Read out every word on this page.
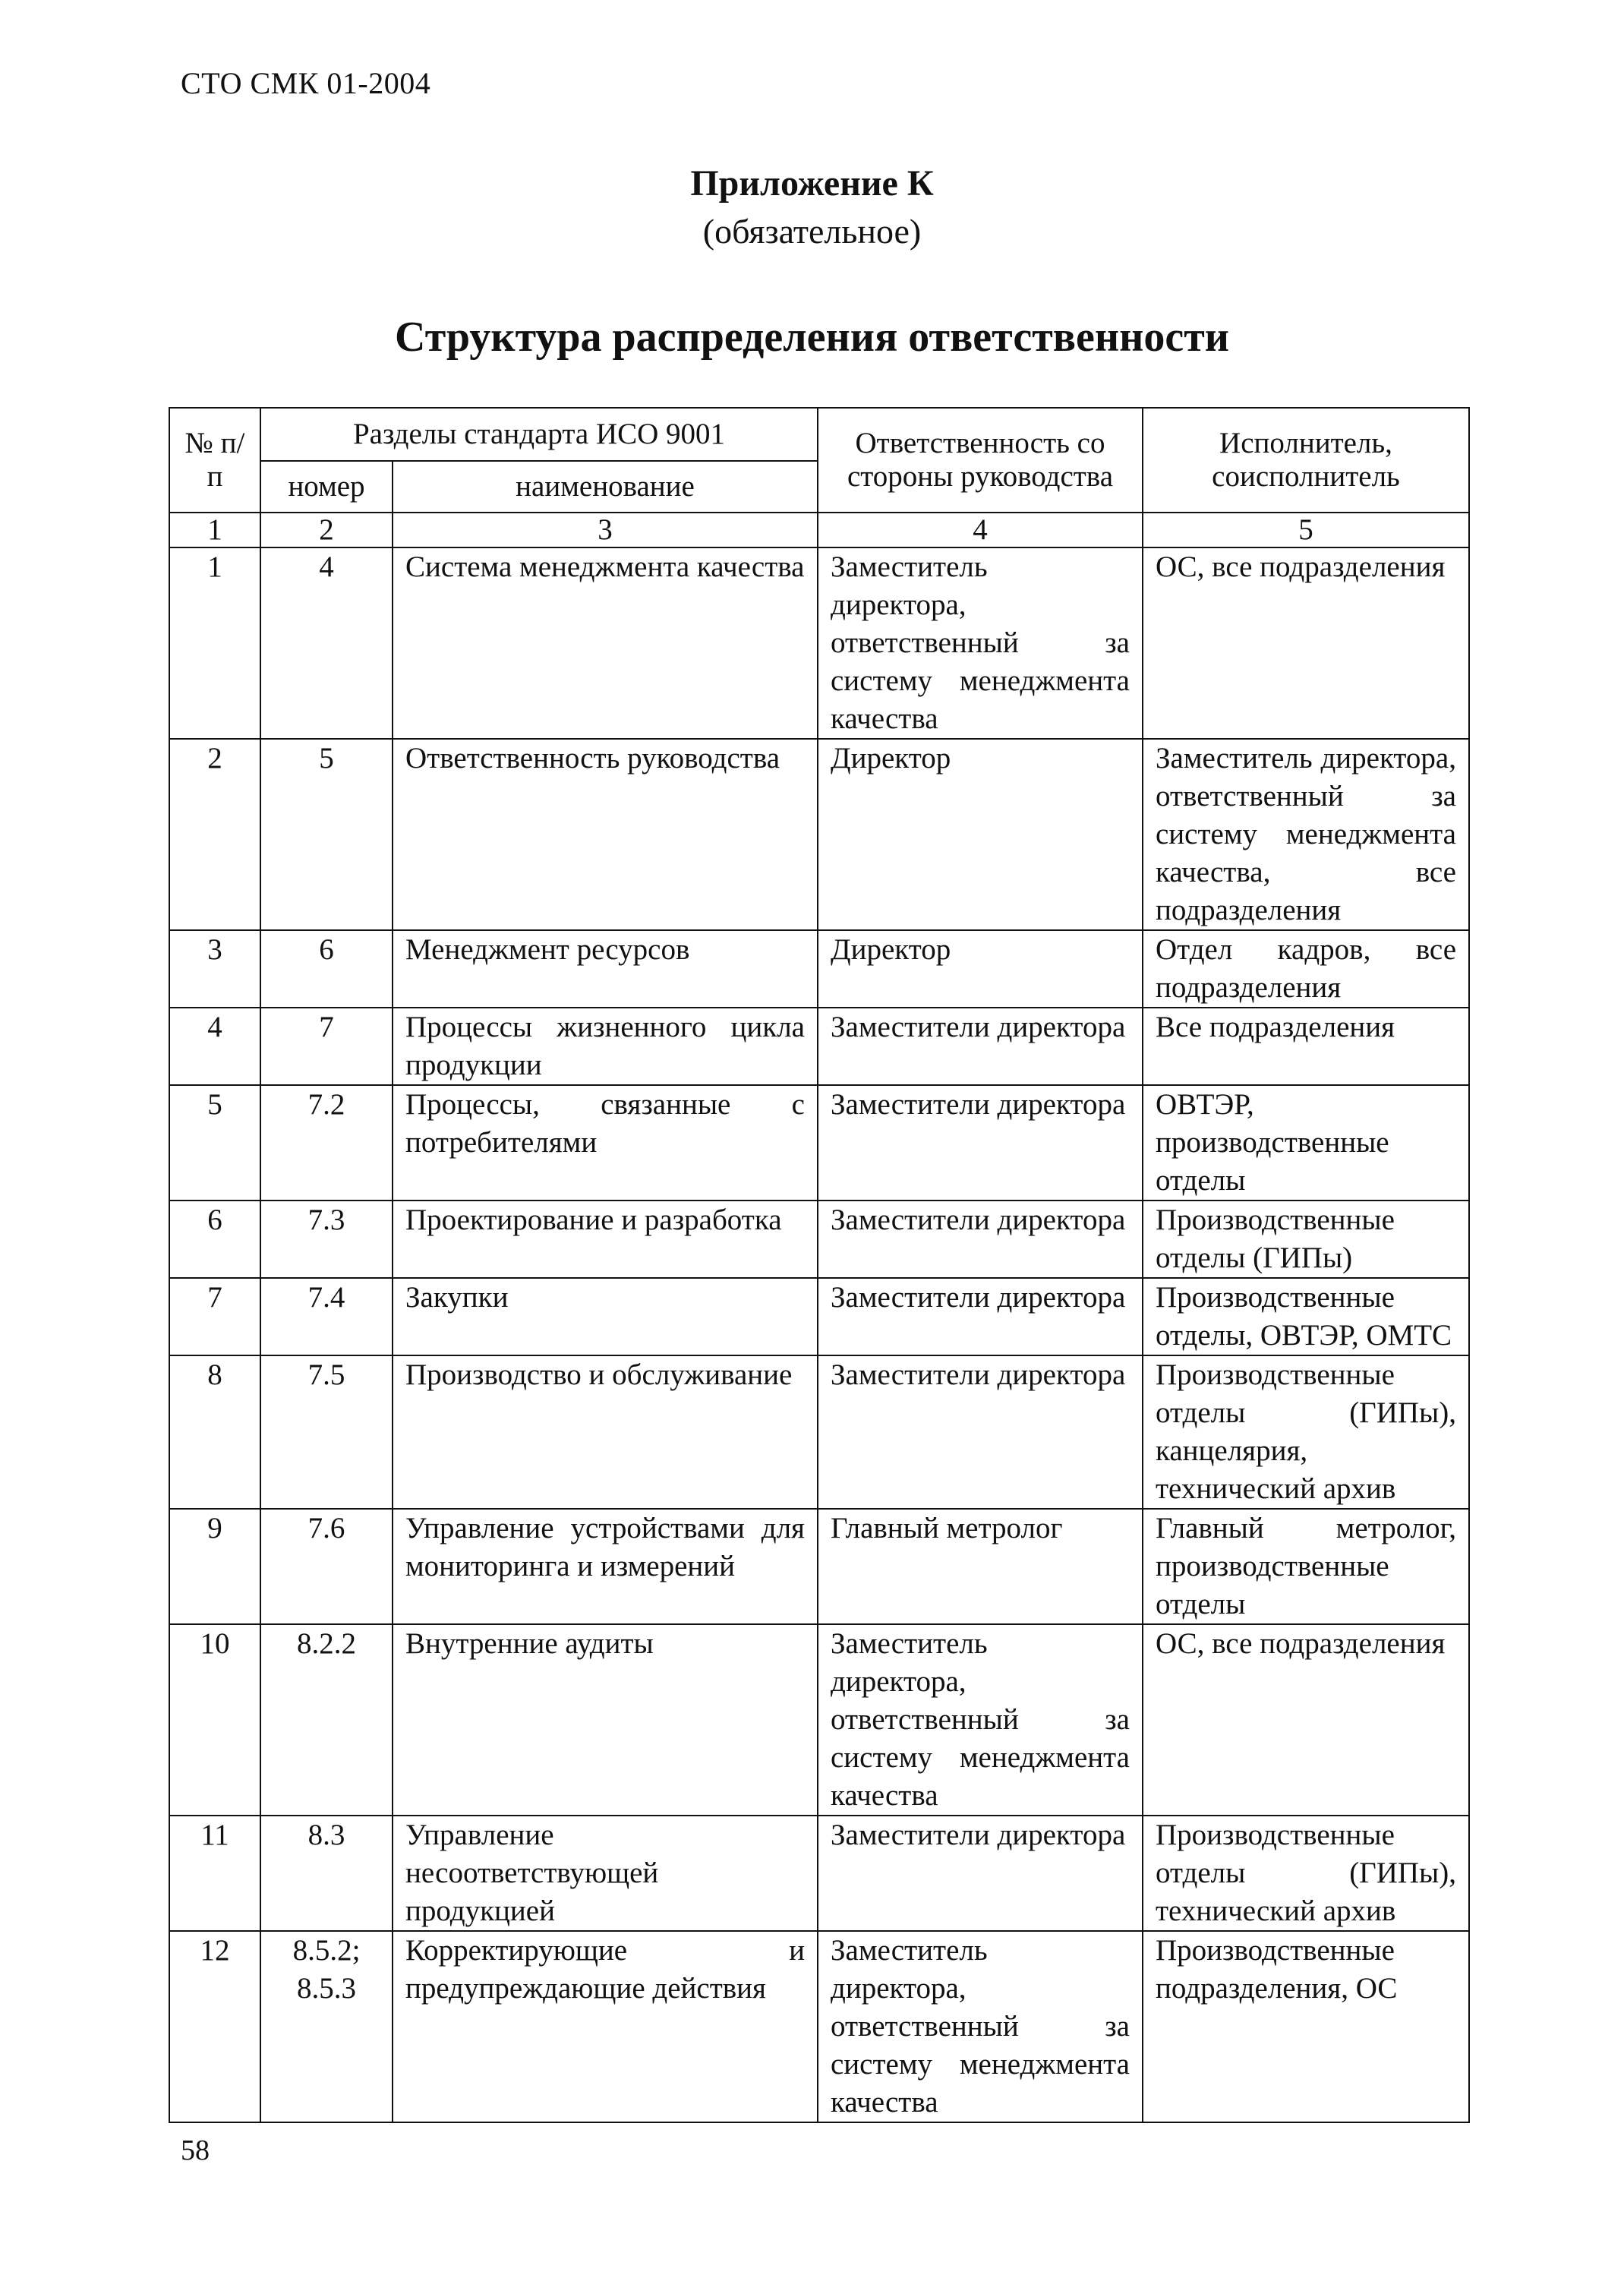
СТО СМК 01-2004
Приложение К
(обязательное)
Структура распределения ответственности
№ п/п	Разделы стандарта ИСО 9001		Ответственность со стороны руководства	Исполнитель, соисполнитель
	номер	наименование		
1	2	3	4	5
1	4	Система менеджмента качества	Заместитель директора, ответственный за систему менеджмента качества	ОС, все подразделения
2	5	Ответственность руководства	Директор	Заместитель директора, ответственный за систему менеджмента качества, все подразделения
3	6	Менеджмент ресурсов	Директор	Отдел кадров, все подразделения
4	7	Процессы жизненного цикла продукции	Заместители директора	Все подразделения
5	7.2	Процессы, связанные с потребителями	Заместители директора	ОВТЭР, производственные отделы
6	7.3	Проектирование и разработка	Заместители директора	Производственные отделы (ГИПы)
7	7.4	Закупки	Заместители директора	Производственные отделы, ОВТЭР, ОМТС
8	7.5	Производство и обслуживание	Заместители директора	Производственные отделы (ГИПы), канцелярия, технический архив
9	7.6	Управление устройствами для мониторинга и измерений	Главный метролог	Главный метролог, производственные отделы
10	8.2.2	Внутренние аудиты	Заместитель директора, ответственный за систему менеджмента качества	ОС, все подразделения
11	8.3	Управление несоответствующей продукцией	Заместители директора	Производственные отделы (ГИПы), технический архив
12	8.5.2; 8.5.3	Корректирующие и предупреждающие действия	Заместитель директора, ответственный за систему менеджмента качества	Производственные подразделения, ОС
58
